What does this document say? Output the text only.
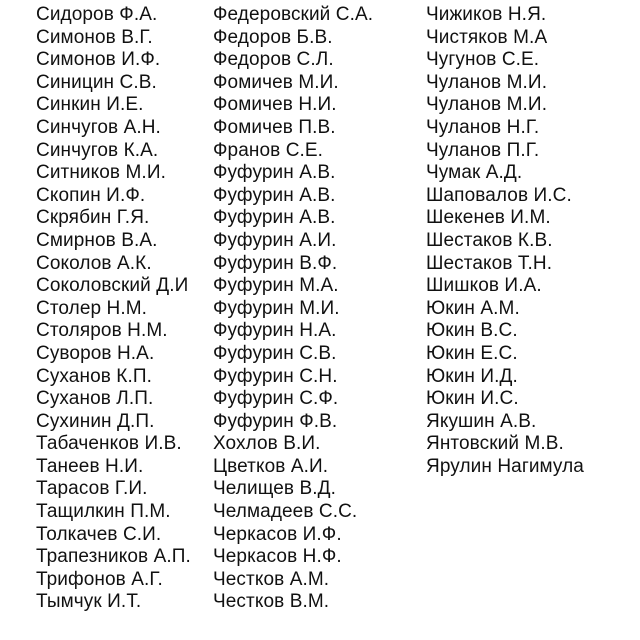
Сидоров Ф.А.
Симонов В.Г.
Симонов И.Ф.
Синицин С.В.
Синкин И.Е.
Синчугов А.Н.
Синчугов К.А.
Ситников М.И.
Скопин И.Ф.
Скрябин Г.Я.
Смирнов В.А.
Соколов А.К.
Соколовский Д.И
Столер Н.М.
Столяров Н.М.
Суворов Н.А.
Суханов К.П.
Суханов Л.П.
Сухинин Д.П.
Табаченков И.В.
Танеев Н.И.
Тарасов Г.И.
Тащилкин П.М.
Толкачев С.И.
Трапезников А.П.
Трифонов А.Г.
Тымчук И.Т.
Федеровский С.А.
Федоров Б.В.
Федоров С.Л.
Фомичев М.И.
Фомичев Н.И.
Фомичев П.В.
Франов С.Е.
Фуфурин А.В.
Фуфурин А.В.
Фуфурин А.В.
Фуфурин А.И.
Фуфурин В.Ф.
Фуфурин М.А.
Фуфурин М.И.
Фуфурин Н.А.
Фуфурин С.В.
Фуфурин С.Н.
Фуфурин С.Ф.
Фуфурин Ф.В.
Хохлов В.И.
Цветков А.И.
Челищев В.Д.
Челмадеев С.С.
Черкасов И.Ф.
Черкасов Н.Ф.
Честков А.М.
Честков В.М.
Чижиков Н.Я.
Чистяков М.А
Чугунов С.Е.
Чуланов М.И.
Чуланов М.И.
Чуланов Н.Г.
Чуланов П.Г.
Чумак А.Д.
Шаповалов И.С.
Шекенев И.М.
Шестаков К.В.
Шестаков Т.Н.
Шишков И.А.
Юкин А.М.
Юкин В.С.
Юкин Е.С.
Юкин И.Д.
Юкин И.С.
Якушин А.В.
Янтовский М.В.
Ярулин Нагимула
